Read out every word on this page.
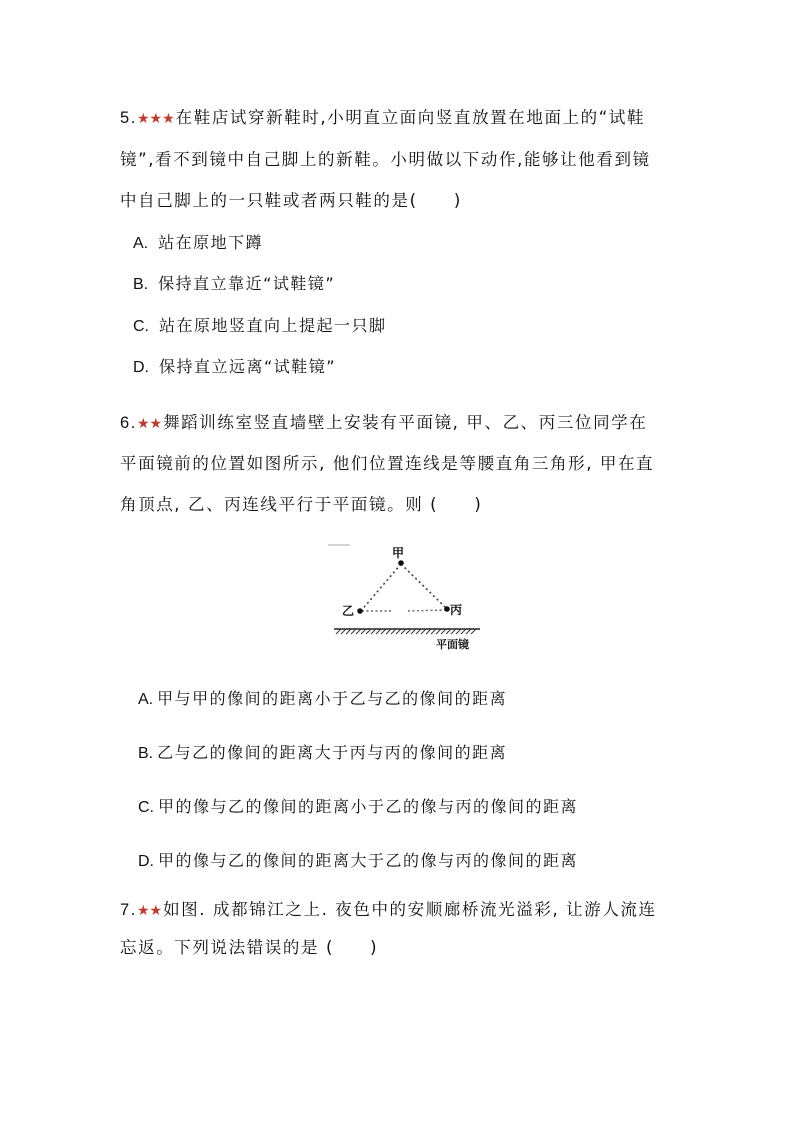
5.★★★在鞋店试穿新鞋时,小明直立面向竖直放置在地面上的“试鞋
镜”,看不到镜中自己脚上的新鞋。小明做以下动作,能够让他看到镜
中自己脚上的一只鞋或者两只鞋的是(　　)
A. 站在原地下蹲
B. 保持直立靠近“试鞋镜”
C. 站在原地竖直向上提起一只脚
D. 保持直立远离“试鞋镜”
6.★★舞蹈训练室竖直墙壁上安装有平面镜, 甲、乙、丙三位同学在
平面镜前的位置如图所示, 他们位置连线是等腰直角三角形, 甲在直
角顶点, 乙、丙连线平行于平面镜。则 (　　)
甲
乙	丙
平面镜
A. 甲与甲的像间的距离小于乙与乙的像间的距离
B. 乙与乙的像间的距离大于丙与丙的像间的距离
C. 甲的像与乙的像间的距离小于乙的像与丙的像间的距离
D. 甲的像与乙的像间的距离大于乙的像与丙的像间的距离
7.★★如图. 成都锦江之上. 夜色中的安顺廊桥流光溢彩, 让游人流连
忘返。下列说法错误的是 (　　)
